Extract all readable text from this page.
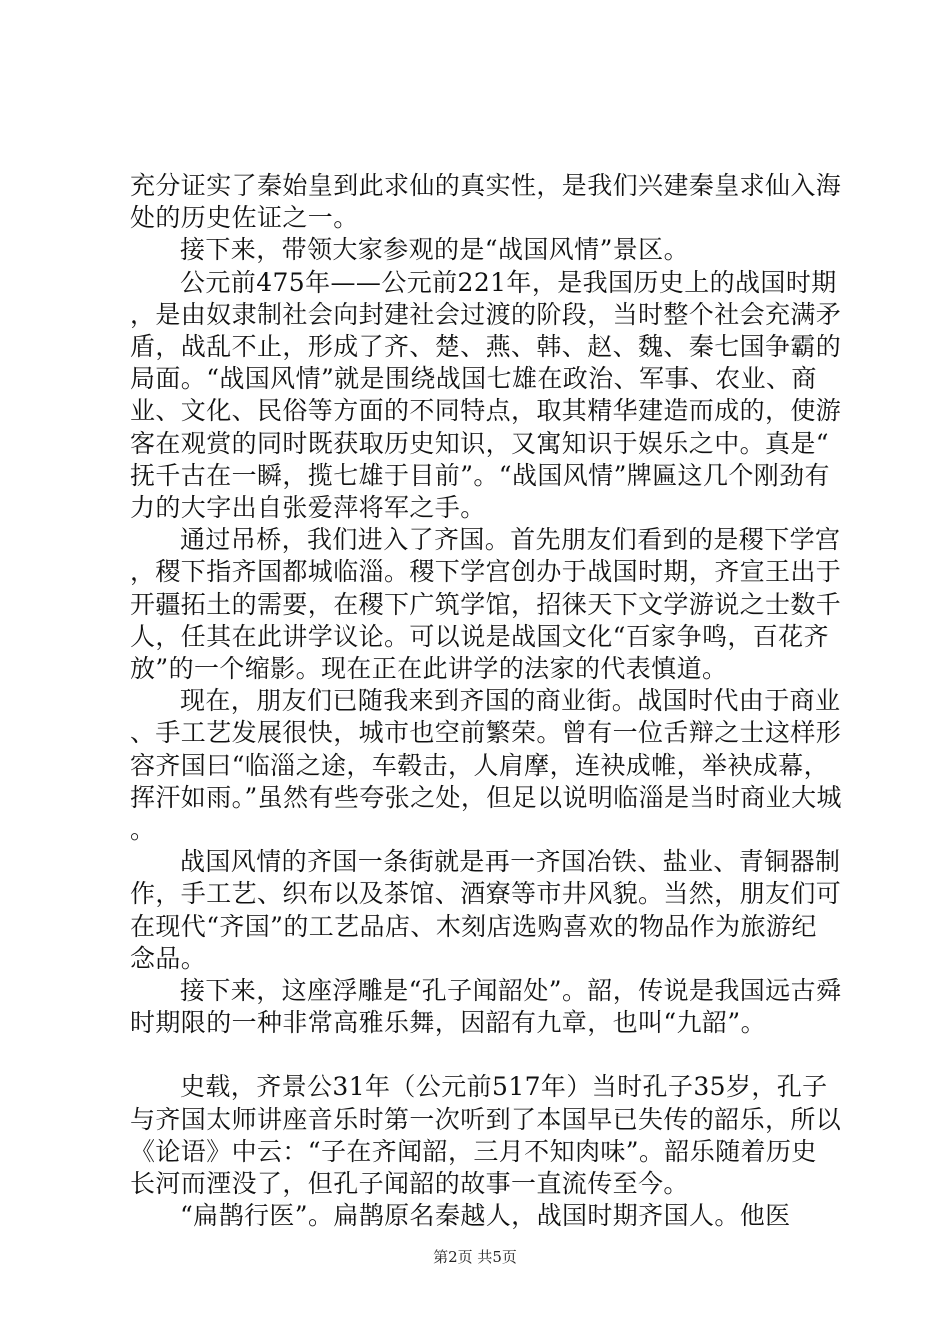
充分证实了秦始皇到此求仙的真实性，是我们兴建秦皇求仙入海处的历史佐证之一。

接下来，带领大家参观的是“战国风情”景区。

公元前475年——公元前221年，是我国历史上的战国时期，是由奴隶制社会向封建社会过渡的阶段，当时整个社会充满矛盾，战乱不止，形成了齐、楚、燕、韩、赵、魏、秦七国争霸的局面。“战国风情”就是围绕战国七雄在政治、军事、农业、商业、文化、民俗等方面的不同特点，取其精华建造而成的，使游客在观赏的同时既获取历史知识，又寓知识于娱乐之中。真是“抚千古在一瞬，揽七雄于目前”。“战国风情”牌匾这几个刚劲有力的大字出自张爱萍将军之手。

通过吊桥，我们进入了齐国。首先朋友们看到的是稷下学宫，稷下指齐国都城临淄。稷下学宫创办于战国时期，齐宣王出于开疆拓土的需要，在稷下广筑学馆，招徕天下文学游说之士数千人，任其在此讲学议论。可以说是战国文化“百家争鸣，百花齐放”的一个缩影。现在正在此讲学的法家的代表慎道。

现在，朋友们已随我来到齐国的商业街。战国时代由于商业、手工艺发展很快，城市也空前繁荣。曾有一位舌辩之士这样形容齐国曰“临淄之途，车毂击，人肩摩，连袂成帷，举袂成幕，挥汗如雨。”虽然有些夸张之处，但足以说明临淄是当时商业大城。

战国风情的齐国一条街就是再一齐国冶铁、盐业、青铜器制作，手工艺、织布以及茶馆、酒寮等市井风貌。当然，朋友们可在现代“齐国”的工艺品店、木刻店选购喜欢的物品作为旅游纪念品。

接下来，这座浮雕是“孔子闻韶处”。韶，传说是我国远古舜时期限的一种非常高雅乐舞，因韶有九章，也叫“九韶”。

史载，齐景公31年（公元前517年）当时孔子35岁，孔子与齐国太师讲座音乐时第一次听到了本国早已失传的韶乐，所以《论语》中云：“子在齐闻韶，三月不知肉味”。韶乐随着历史长河而湮没了，但孔子闻韶的故事一直流传至今。

“扁鹊行医”。扁鹊原名秦越人，战国时期齐国人。他医

第2页 共5页
